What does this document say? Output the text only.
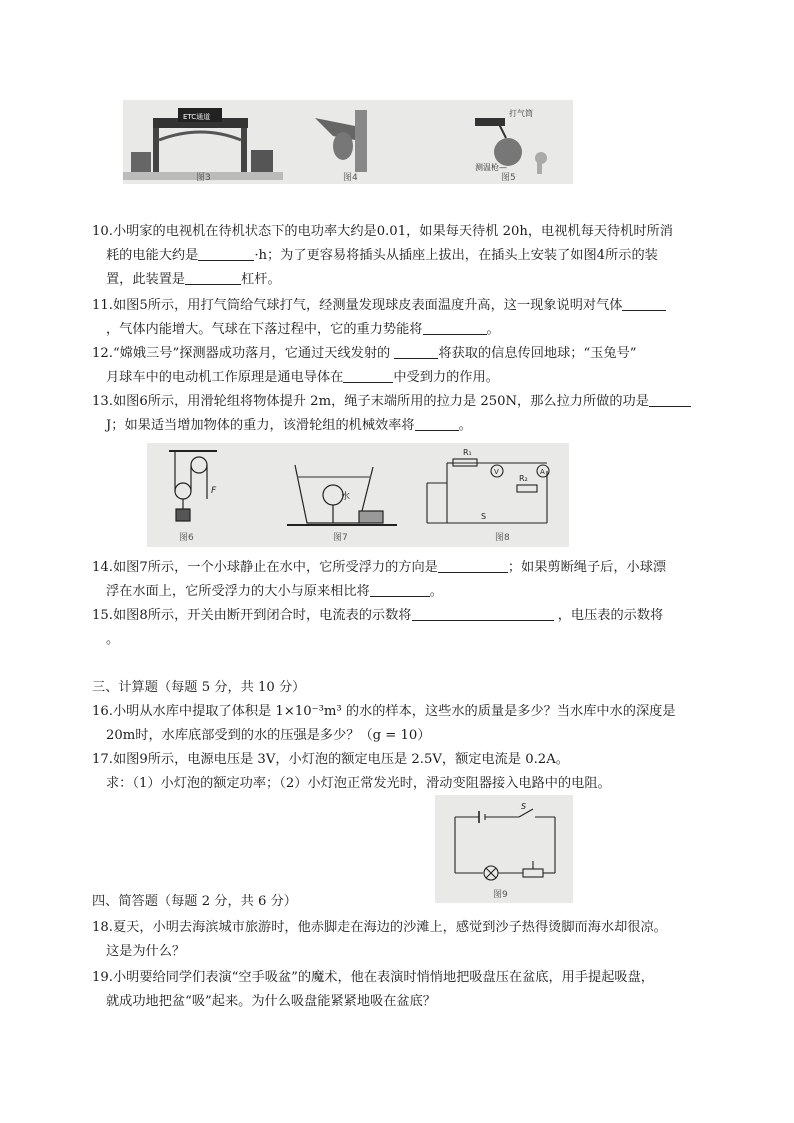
ETC通道
图3	图4
打气筒
测温枪—
图5
10.小明家的电视机在待机状态下的电功率大约是0.01，如果每天待机 20h，电视机每天待机时所消
耗的电能大约是	·h；为了更容易将插头从插座上拔出，在插头上安装了如图4所示的装
置，此装置是	杠杆。
11.如图5所示，用打气筒给气球打气，经测量发现球皮表面温度升高，这一现象说明对气体
，气体内能增大。气球在下落过程中，它的重力势能将	。
12.“嫦娥三号”探测器成功落月，它通过天线发射的	将获取的信息传回地球；“玉兔号”
月球车中的电动机工作原理是通电导体在	中受到力的作用。
13.如图6所示，用滑轮组将物体提升 2m，绳子末端所用的拉力是 250N，那么拉力所做的功是
J；如果适当增加物体的重力，该滑轮组的机械效率将	。
F
图6
水
图7
R₁
R₂
V	A
S
图8
14.如图7所示，一个小球静止在水中，它所受浮力的方向是	；如果剪断绳子后，小球漂
浮在水面上，它所受浮力的大小与原来相比将	。
15.如图8所示，开关由断开到闭合时，电流表的示数将	，电压表的示数将
。
三、计算题（每题 5 分，共 10 分）
16.小明从水库中提取了体积是 1×10⁻³m³ 的水的样本，这些水的质量是多少？当水库中水的深度是
20m时，水库底部受到的水的压强是多少？（g = 10）
17.如图9所示，电源电压是 3V，小灯泡的额定电压是 2.5V，额定电流是 0.2A。
求：（1）小灯泡的额定功率；（2）小灯泡正常发光时，滑动变阻器接入电路中的电阻。
S
图9
四、简答题（每题 2 分，共 6 分）
18.夏天，小明去海滨城市旅游时，他赤脚走在海边的沙滩上，感觉到沙子热得烫脚而海水却很凉。
这是为什么？
19.小明要给同学们表演“空手吸盆”的魔术，他在表演时悄悄地把吸盘压在盆底，用手提起吸盘，
就成功地把盆“吸”起来。为什么吸盘能紧紧地吸在盆底？
